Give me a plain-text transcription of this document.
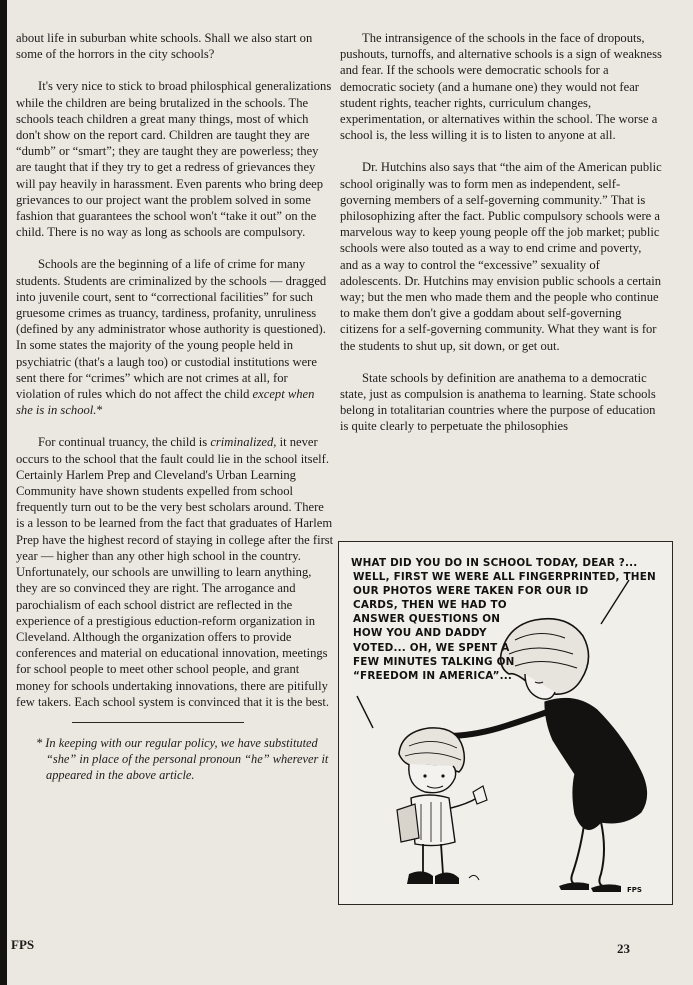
about life in suburban white schools. Shall we also start on some of the horrors in the city schools?

It's very nice to stick to broad philosphical generalizations while the children are being brutalized in the schools. The schools teach children a great many things, most of which don't show on the report card. Children are taught they are “dumb” or “smart”; they are taught they are powerless; they are taught that if they try to get a redress of grievances they will pay heavily in harassment. Even parents who bring deep grievances to our project want the problem solved in some fashion that guarantees the school won't “take it out” on the child. There is no way as long as schools are compulsory.

Schools are the beginning of a life of crime for many students. Students are criminalized by the schools — dragged into juvenile court, sent to “correctional facilities” for such gruesome crimes as truancy, tardiness, profanity, unruliness (defined by any administrator whose authority is questioned). In some states the majority of the young people held in psychiatric (that's a laugh too) or custodial institutions were sent there for “crimes” which are not crimes at all, for violation of rules which do not affect the child except when she is in school.*

For continual truancy, the child is criminalized, it never occurs to the school that the fault could lie in the school itself. Certainly Harlem Prep and Cleveland's Urban Learning Community have shown students expelled from school frequently turn out to be the very best scholars around. There is a lesson to be learned from the fact that graduates of Harlem Prep have the highest record of staying in college after the first year — higher than any other high school in the country. Unfortunately, our schools are unwilling to learn anything, they are so convinced they are right. The arrogance and parochialism of each school district are reflected in the experience of a prestigious eduction-reform organization in Cleveland. Although the organization offers to provide conferences and material on educational innovation, meetings for school people to meet other school people, and grant money for schools undertaking innovations, there are pitifully few takers. Each school system is convinced that it is the best.

* In keeping with our regular policy, we have substituted “she” in place of the personal pronoun “he” wherever it appeared in the above article.

The intransigence of the schools in the face of dropouts, pushouts, turnoffs, and alternative schools is a sign of weakness and fear. If the schools were democratic schools for a democratic society (and a humane one) they would not fear student rights, teacher rights, curriculum changes, experimentation, or alternatives within the school. The worse a school is, the less willing it is to listen to anyone at all.

Dr. Hutchins also says that “the aim of the American public school originally was to form men as independent, self-governing members of a self-governing community.” That is philosophizing after the fact. Public compulsory schools were a marvelous way to keep young people off the job market; public schools were also touted as a way to end crime and poverty, and as a way to control the “excessive” sexuality of adolescents. Dr. Hutchins may envision public schools a certain way; but the men who made them and the people who continue to make them don't give a goddam about self-governing citizens for a self-governing community. What they want is for the students to shut up, sit down, or get out.

State schools by definition are anathema to a democratic state, just as compulsion is anathema to learning. State schools belong in totalitarian countries where the purpose of education is quite clearly to perpetuate the philosophies

FPS
WHAT DID YOU DO IN SCHOOL TODAY, DEAR ?...
WELL, FIRST WE WERE ALL FINGERPRINTED, THEN
OUR PHOTOS WERE TAKEN FOR OUR ID
CARDS, THEN WE HAD TO
ANSWER QUESTIONS ON
HOW YOU AND DADDY
VOTED... OH, WE SPENT A
FEW MINUTES TALKING ON
“FREEDOM IN AMERICA”...
FPS	23
